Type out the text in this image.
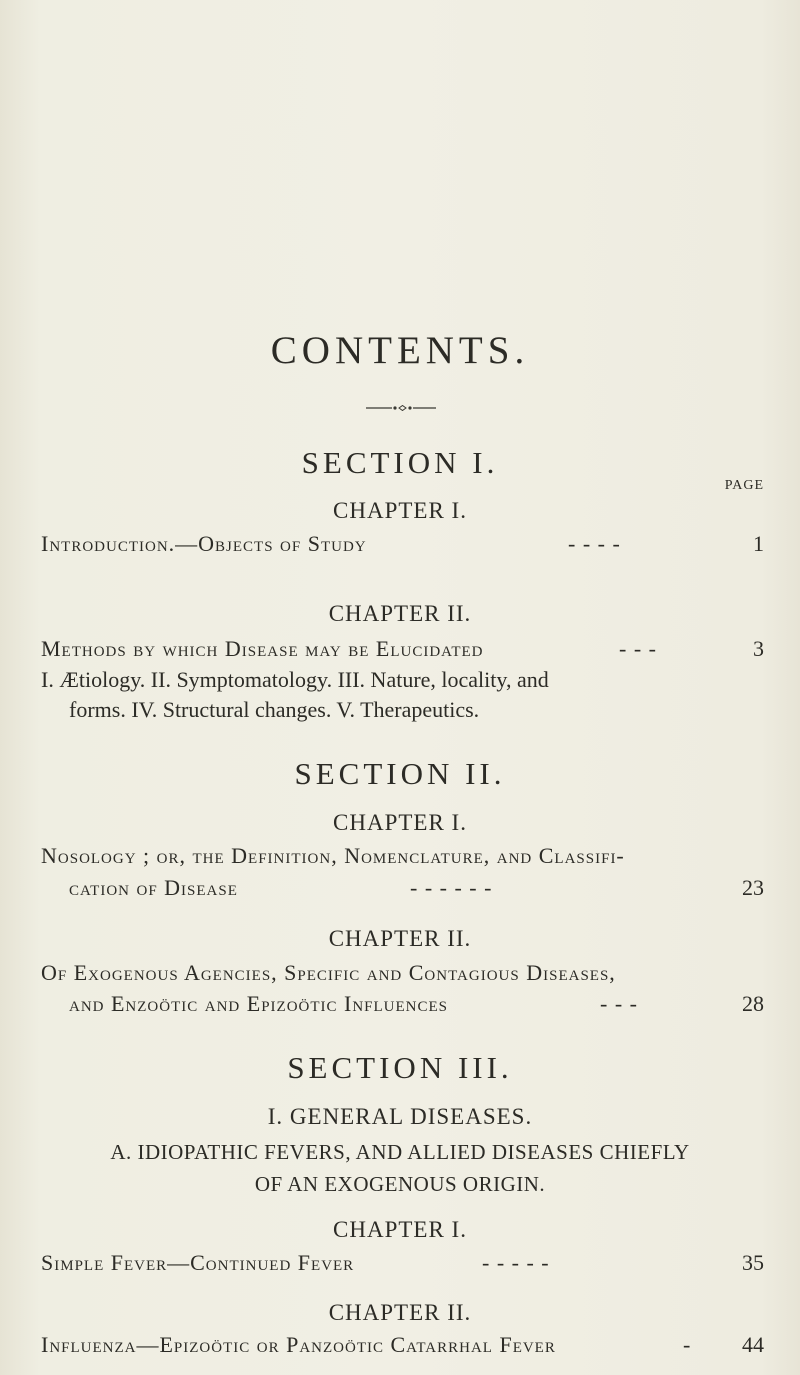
CONTENTS.
SECTION I.
PAGE
CHAPTER I.
Introduction.—Objects of Study	- - - -	1
CHAPTER II.
Methods by which Disease may be Elucidated	- - -	3
I. Ætiology. II. Symptomatology. III. Nature, locality, and
forms. IV. Structural changes. V. Therapeutics.
SECTION II.
CHAPTER I.
Nosology ; or, the Definition, Nomenclature, and Classifi-
cation of Disease	- - - - - -	23
CHAPTER II.
Of Exogenous Agencies, Specific and Contagious Diseases,
and Enzoötic and Epizoötic Influences	- - -	28
SECTION III.
I. GENERAL DISEASES.
A. IDIOPATHIC FEVERS, AND ALLIED DISEASES CHIEFLY
OF AN EXOGENOUS ORIGIN.
CHAPTER I.
Simple Fever—Continued Fever	- - - - -	35
CHAPTER II.
Influenza—Epizoötic or Panzoötic Catarrhal Fever	-	44
